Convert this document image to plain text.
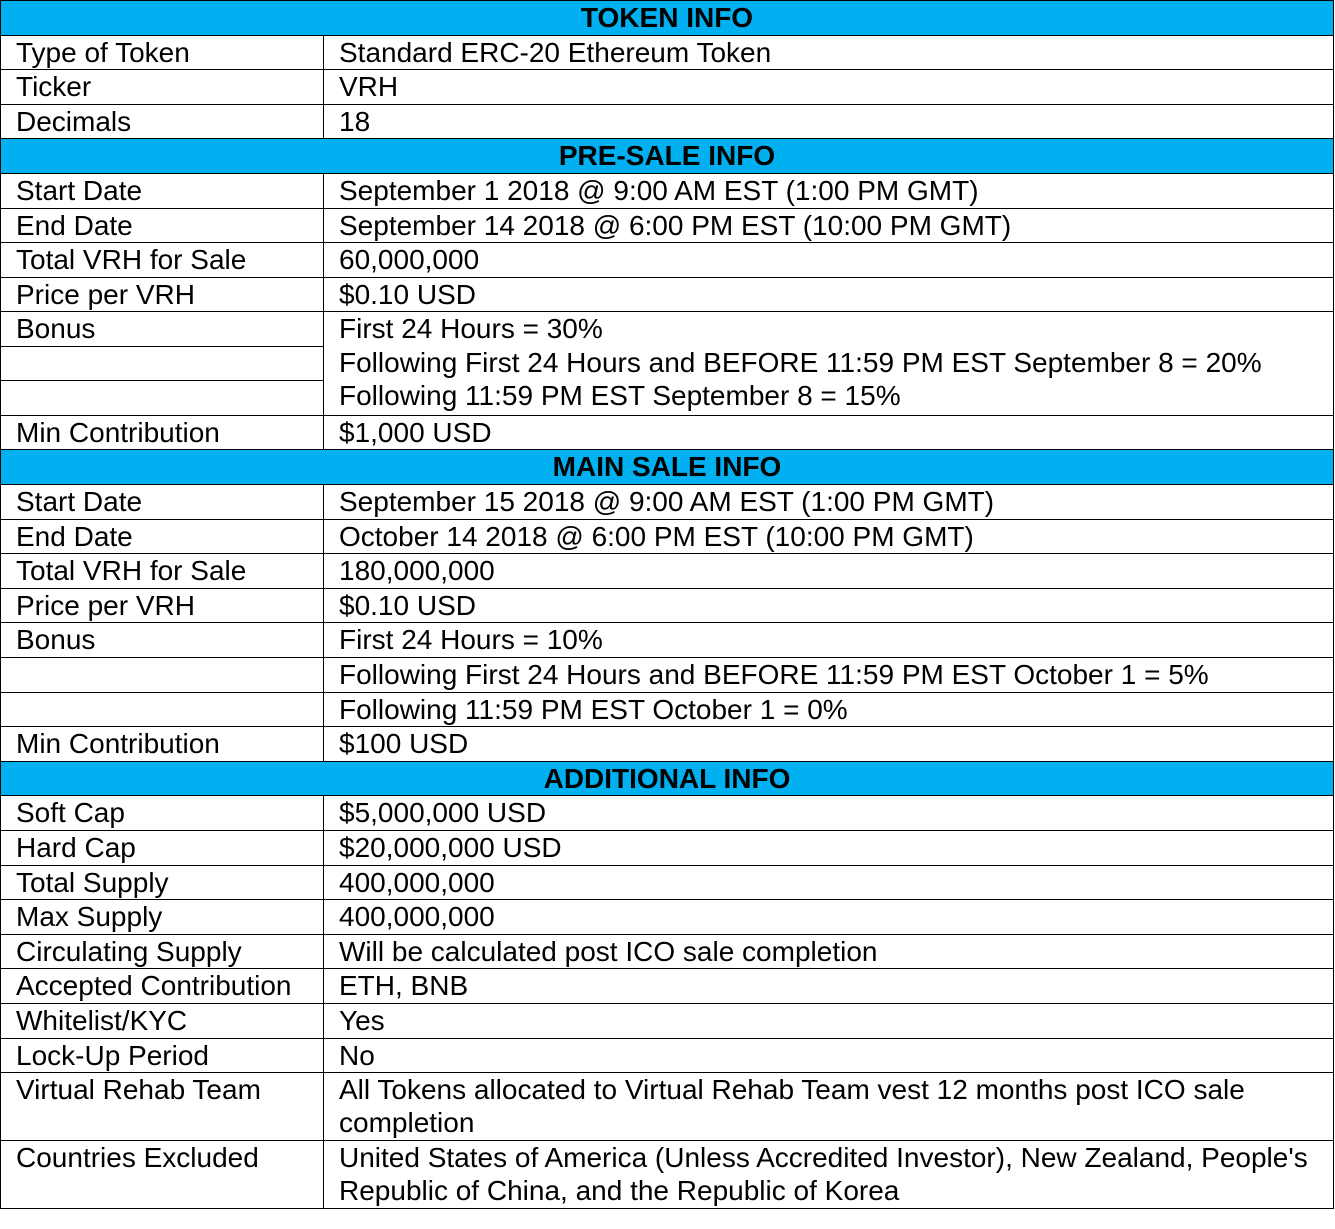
TOKEN INFO	
Type of Token	Standard ERC-20 Ethereum Token
Ticker	VRH
Decimals	18
PRE-SALE INFO	
Start Date	September 1 2018 @ 9:00 AM EST (1:00 PM GMT)
End Date	September 14 2018 @ 6:00 PM EST (10:00 PM GMT)
Total VRH for Sale	60,000,000
Price per VRH	$0.10 USD

Bonus	First 24 Hours = 30%
Following First 24 Hours and BEFORE 11:59 PM EST September 8 = 20%
Following 11:59 PM EST September 8 = 15%

Min Contribution	$1,000 USD
MAIN SALE INFO	
Start Date	September 15 2018 @ 9:00 AM EST (1:00 PM GMT)
End Date	October 14 2018 @ 6:00 PM EST (10:00 PM GMT)
Total VRH for Sale	180,000,000
Price per VRH	$0.10 USD
Bonus	First 24 Hours = 10%
	Following First 24 Hours and BEFORE 11:59 PM EST October 1 = 5%
	Following 11:59 PM EST October 1 = 0%
Min Contribution	$100 USD
ADDITIONAL INFO	
Soft Cap	$5,000,000 USD
Hard Cap	$20,000,000 USD
Total Supply	400,000,000
Max Supply	400,000,000
Circulating Supply	Will be calculated post ICO sale completion
Accepted Contribution	ETH, BNB
Whitelist/KYC	Yes
Lock-Up Period	No
Virtual Rehab Team	All Tokens allocated to Virtual Rehab Team vest 12 months post ICO sale completion
Countries Excluded	United States of America (Unless Accredited Investor), New Zealand, People's Republic of China, and the Republic of Korea
